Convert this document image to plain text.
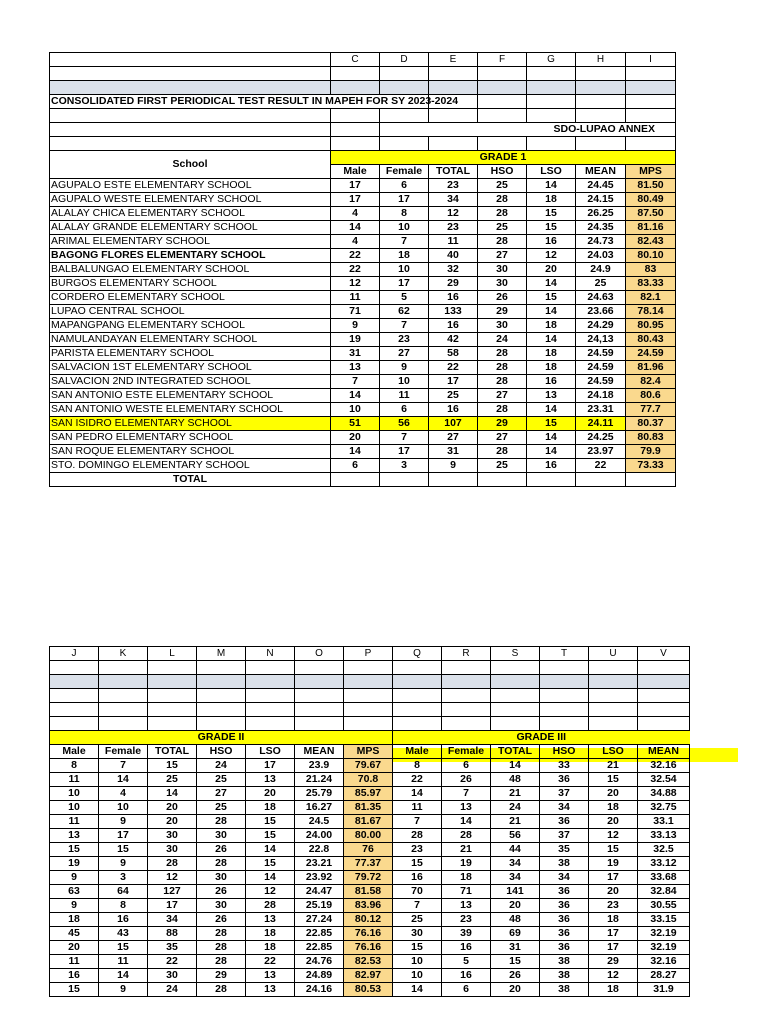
	C	D	E	F	G	H	I

CONSOLIDATED FIRST PERIODICAL TEST RESULT IN MAPEH FOR SY 2023-2024							

		SDO-LUPAO ANNEX					

School	GRADE 1						
	Male	Female	TOTAL	HSO	LSO	MEAN	MPS
AGUPALO ESTE ELEMENTARY SCHOOL	17	6	23	25	14	24.45	81.50
AGUPALO WESTE ELEMENTARY SCHOOL	17	17	34	28	18	24.15	80.49
ALALAY CHICA ELEMENTARY SCHOOL	4	8	12	28	15	26.25	87.50
ALALAY GRANDE ELEMENTARY SCHOOL	14	10	23	25	15	24.35	81.16
ARIMAL ELEMENTARY SCHOOL	4	7	11	28	16	24.73	82.43
BAGONG FLORES ELEMENTARY SCHOOL	22	18	40	27	12	24.03	80.10
BALBALUNGAO ELEMENTARY SCHOOL	22	10	32	30	20	24.9	83
BURGOS ELEMENTARY SCHOOL	12	17	29	30	14	25	83.33
CORDERO ELEMENTARY SCHOOL	11	5	16	26	15	24.63	82.1
LUPAO CENTRAL SCHOOL	71	62	133	29	14	23.66	78.14
MAPANGPANG ELEMENTARY SCHOOL	9	7	16	30	18	24.29	80.95
NAMULANDAYAN ELEMENTARY SCHOOL	19	23	42	24	14	24,13	80.43
PARISTA ELEMENTARY SCHOOL	31	27	58	28	18	24.59	24.59
SALVACION 1ST ELEMENTARY SCHOOL	13	9	22	28	18	24.59	81.96
SALVACION 2ND INTEGRATED SCHOOL	7	10	17	28	16	24.59	82.4
SAN ANTONIO ESTE ELEMENTARY SCHOOL	14	11	25	27	13	24.18	80.6
SAN ANTONIO WESTE ELEMENTARY SCHOOL	10	6	16	28	14	23.31	77.7
SAN ISIDRO ELEMENTARY SCHOOL	51	56	107	29	15	24.11	80.37
SAN PEDRO ELEMENTARY SCHOOL	20	7	27	27	14	24.25	80.83
SAN ROQUE ELEMENTARY SCHOOL	14	17	31	28	14	23.97	79.9
STO. DOMINGO ELEMENTARY SCHOOL	6	3	9	25	16	22	73.33
TOTAL							
J	K	L	M	N	O	P	Q	R	S	T	U	V

GRADE II							GRADE III					
Male	Female	TOTAL	HSO	LSO	MEAN	MPS	Male	Female	TOTAL	HSO	LSO	MEAN
8	7	15	24	17	23.9	79.67	8	6	14	33	21	32.16
11	14	25	25	13	21.24	70.8	22	26	48	36	15	32.54
10	4	14	27	20	25.79	85.97	14	7	21	37	20	34.88
10	10	20	25	18	16.27	81.35	11	13	24	34	18	32.75
11	9	20	28	15	24.5	81.67	7	14	21	36	20	33.1
13	17	30	30	15	24.00	80.00	28	28	56	37	12	33.13
15	15	30	26	14	22.8	76	23	21	44	35	15	32.5
19	9	28	28	15	23.21	77.37	15	19	34	38	19	33.12
9	3	12	30	14	23.92	79.72	16	18	34	34	17	33.68
63	64	127	26	12	24.47	81.58	70	71	141	36	20	32.84
9	8	17	30	28	25.19	83.96	7	13	20	36	23	30.55
18	16	34	26	13	27.24	80.12	25	23	48	36	18	33.15
45	43	88	28	18	22.85	76.16	30	39	69	36	17	32.19
20	15	35	28	18	22.85	76.16	15	16	31	36	17	32.19
11	11	22	28	22	24.76	82.53	10	5	15	38	29	32.16
16	14	30	29	13	24.89	82.97	10	16	26	38	12	28.27
15	9	24	28	13	24.16	80.53	14	6	20	38	18	31.9
